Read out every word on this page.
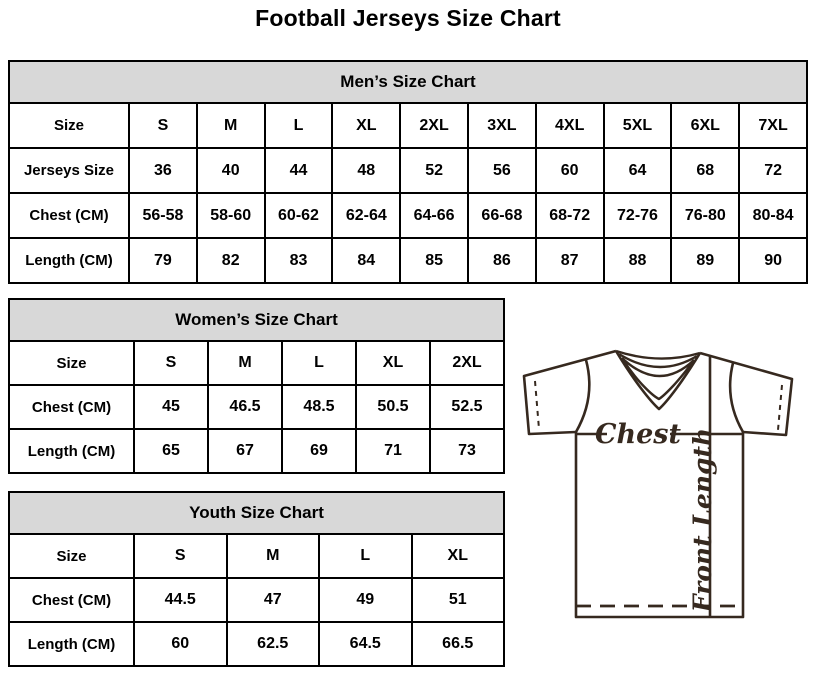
Football Jerseys Size Chart
Men’s Size Chart										
Size	S	M	L	XL	2XL	3XL	4XL	5XL	6XL	7XL
Jerseys Size	36	40	44	48	52	56	60	64	68	72
Chest (CM)	56-58	58-60	60-62	62-64	64-66	66-68	68-72	72-76	76-80	80-84
Length (CM)	79	82	83	84	85	86	87	88	89	90
Women’s Size Chart					
Size	S	M	L	XL	2XL
Chest (CM)	45	46.5	48.5	50.5	52.5
Length (CM)	65	67	69	71	73
Youth Size Chart				
Size	S	M	L	XL
Chest (CM)	44.5	47	49	51
Length (CM)	60	62.5	64.5	66.5
Chest Front Length
